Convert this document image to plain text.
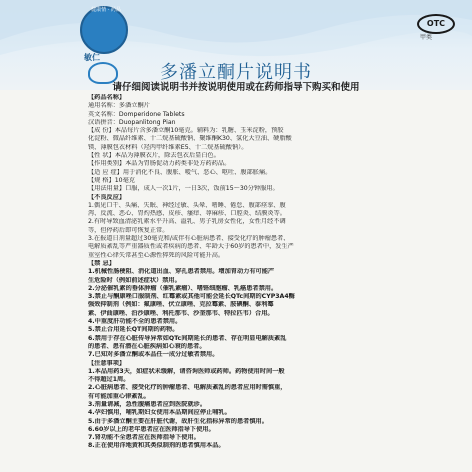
健康情 · 药品
敏仁
OTC
甲类
多潘立酮片说明书
请仔细阅读说明书并按说明使用或在药师指导下购买和使用
【药品名称】
通用名称：多潘立酮片
英文名称：Domperidone Tablets
汉语拼音：Duopanlitong Pian
【成 份】本品每片含多潘立酮10毫克。辅料为：乳糖、玉米淀粉，预胶
化淀粉、微晶纤维素、十二烷基硫酸钠、聚维酮K30、氢化大豆油、硬脂酸
镁、薄膜包衣材料（羟丙甲纤维素E5、十二烷基硫酸钠）。
【性 状】本品为薄膜衣片，除去包衣后显白色。
【作用类别】本品为胃肠促动力药类非处方药药品。
【适 应 症】用于消化不良、腹胀、嗳气、恶心、呕吐、腹部胀痛。
【规 格】10毫克
【用法用量】口服，成人一次1片，一日3次，饭前15～30分钟服用。
【不良反应】
1.偶见口干、头痛、失眠、神经过敏、头晕、嗜睡、倦怠、腹部痉挛、腹
泻、反流、恶心、胃灼热感、皮疹、瘙痒、荨麻疹、口腔炎、结膜炎等。
2.有时导致血清泌乳素水平升高、溢乳、男子乳房女性化，女性月经不调
等，但停药后即可恢复正常。
3.在报道日剂量超过30毫克和/或伴有心脏病患者、接受化疗的肿瘤患者、
电解质紊乱等严重器质性或者疾病的患者、年龄大于60岁的患者中，发生严
重室性心律失常甚至心源性猝死的风险可能升高。
【禁 忌】
1.机械性肠梗阻、消化道出血、穿孔患者禁用。增加胃动力有可能产
生危险时（例如前述症状）禁用。
2.分泌催乳素的垂体肿瘤（催乳素瘤）、嗜铬细胞瘤、乳癌患者禁用。
3.禁止与酮康唑口服制剂、红霉素或其他可能会延长QTc间期的CYP3A4酶
强效抑制剂（例如：氟康唑、伏立康唑、克拉霉素、胺碘酮、泰利霉
素、伊曲康唑、泊沙康唑、利托那韦、沙奎那韦、特拉匹韦）合用。
4.中重度肝功能不全的患者禁用。
5.禁止合用延长QT间期的药物。
6.禁用于存在心脏传导异常如QTc间期延长的患者、存在明显电解质紊乱
的患者、患有潜在心脏疾病如心衰的患者。
7.已知对多潘立酮或本品任一成分过敏者禁用。
【注意事项】
1.本品用药3天，如症状未缓解，请咨询医师或药师。药物使用时间一般
不得超过1周。
2.心脏病患者、接受化疗的肿瘤患者、电解质紊乱的患者应用时需慎重，
有可能加重心律紊乱。
3.剂量请减，急性腹痛患者应到医院就诊。
4.孕妇慎用，哺乳期妇女使用本品期间应停止哺乳。
5.由于多潘立酮主要在肝脏代谢，故肝生化指标异常的患者慎用。
6.60岁以上的老年患者应在医师指导下使用。
7.肾功能不全患者应在医师指导下使用。
8.正在使用洋地黄和其类似制剂的患者慎用本品。
